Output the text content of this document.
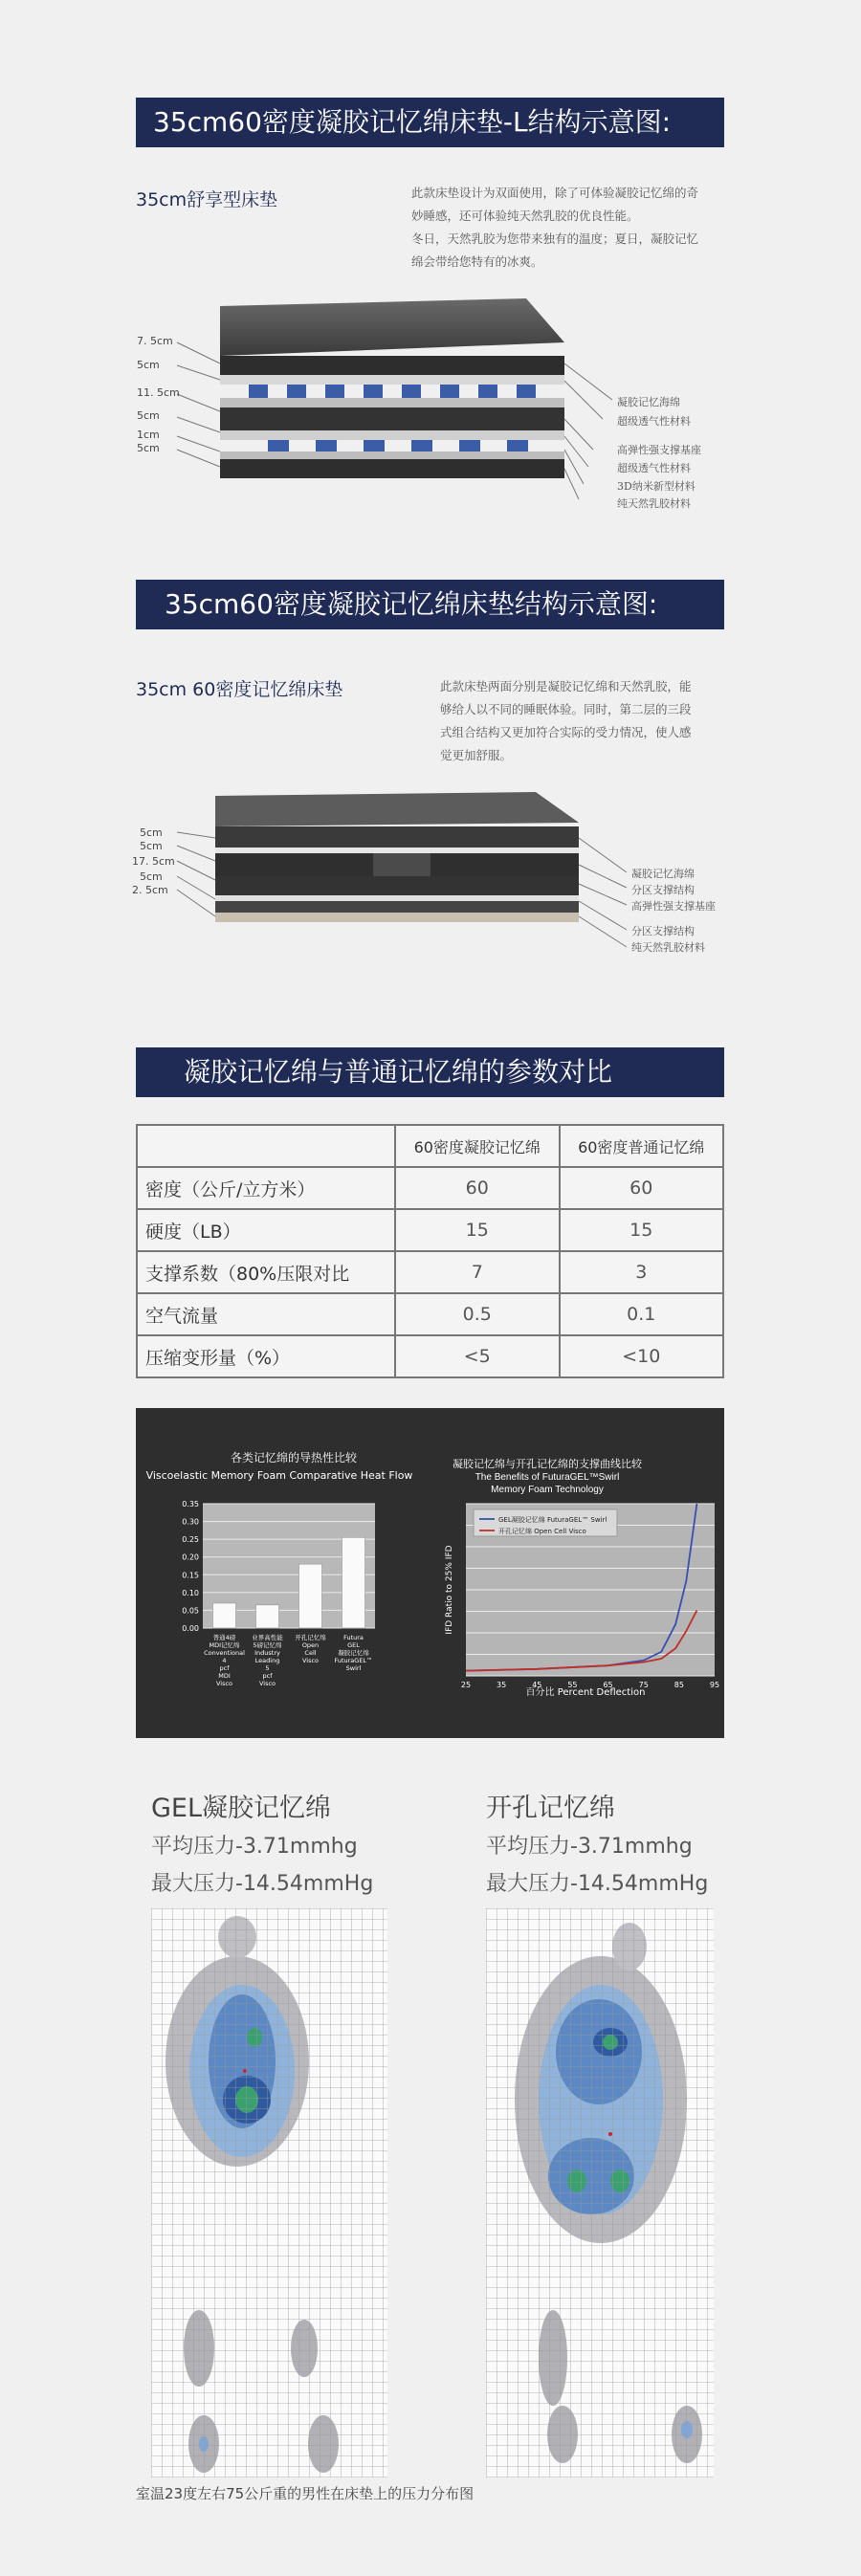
35cm60密度凝胶记忆绵床垫-L结构示意图:
35cm舒享型床垫	此款床垫设计为双面使用，除了可体验凝胶记忆绵的奇
妙睡感，还可体验纯天然乳胶的优良性能。
冬日，天然乳胶为您带来独有的温度；夏日，凝胶记忆
绵会带给您特有的冰爽。
7. 5cm
5cm
11. 5cm
5cm
1cm
5cm
凝胶记忆海绵
超级透气性材料
高弹性强支撑基座
超级透气性材料
3D纳米新型材料
纯天然乳胶材料
35cm60密度凝胶记忆绵床垫结构示意图:
35cm 60密度记忆绵床垫	此款床垫两面分别是凝胶记忆绵和天然乳胶，能
够给人以不同的睡眠体验。同时，第二层的三段
式组合结构又更加符合实际的受力情况，使人感
觉更加舒服。
5cm
5cm
17. 5cm
5cm
2. 5cm
凝胶记忆海绵
分区支撑结构
高弹性强支撑基座
分区支撑结构
纯天然乳胶材料
凝胶记忆绵与普通记忆绵的参数对比
	60密度凝胶记忆绵	60密度普通记忆绵
密度（公斤/立方米）	60	60
硬度（LB）	15	15
支撑系数（80%压限对比	7	3
空气流量	0.5	0.1
压缩变形量（%）	<5	<10
各类记忆绵的导热性比较
Viscoelastic Memory Foam Comparative Heat Flow
0.35
0.30
0.25
0.20
0.15
0.10
0.05
0.00
普通4磅 MDI记忆绵 Conventional 4 pcf MDI Visco
业界高性能 5磅记忆绵 Industry Leading 5 pcf Visco
开孔记忆绵 Open Cell Visco
Futura GEL 凝胶记忆绵 FuturaGEL™ Swirl
凝胶记忆绵与开孔记忆绵的支撑曲线比较
The Benefits of FuturaGEL™Swirl Memory Foam Technology
25	35	45	55	65	75	85	95
GEL凝胶记忆绵 FuturaGEL™ Swirl
开孔记忆绵 Open Cell Visco
百分比 Percent Deflection
IFD Ratio to 25% IFD
GEL凝胶记忆绵
平均压力-3.71mmhg
最大压力-14.54mmHg
开孔记忆绵
平均压力-3.71mmhg
最大压力-14.54mmHg
室温23度左右75公斤重的男性在床垫上的压力分布图
